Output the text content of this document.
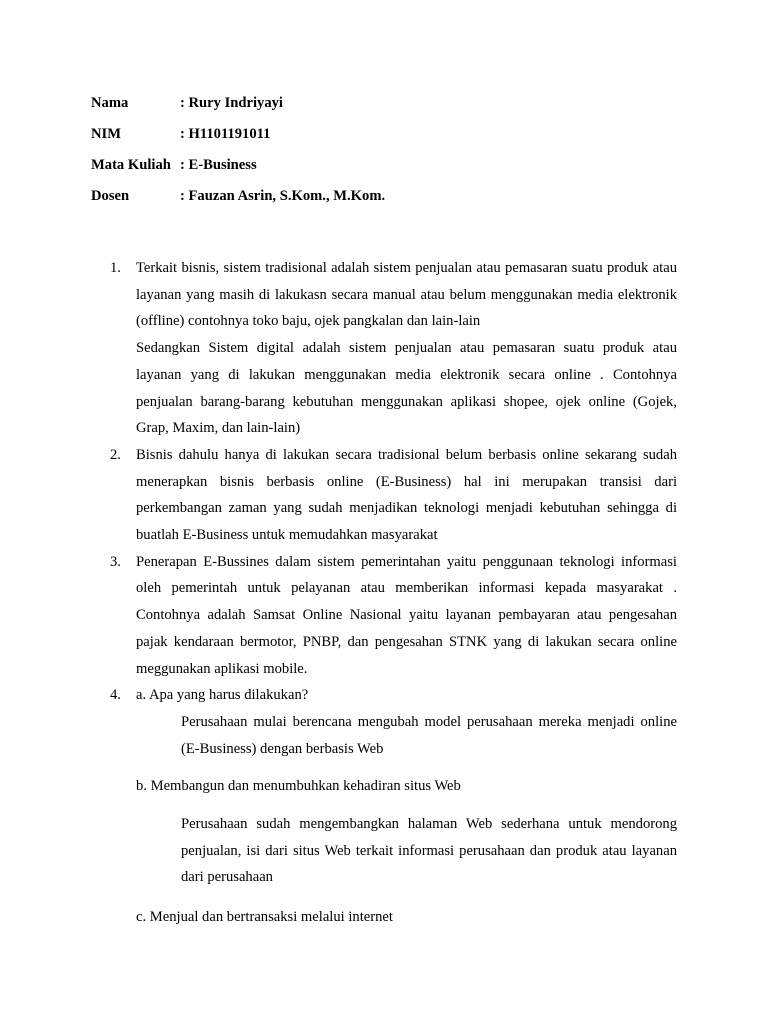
Nama	: Rury Indriyayi
NIM	: H1101191011
Mata Kuliah : E-Business
Dosen	: Fauzan Asrin, S.Kom., M.Kom.
1.	Terkait bisnis, sistem tradisional adalah sistem penjualan atau pemasaran suatu produk atau layanan yang masih di lakukasn secara manual atau belum menggunakan media elektronik (offline) contohnya toko baju, ojek pangkalan dan lain-lain

Sedangkan Sistem digital adalah sistem penjualan atau pemasaran suatu produk atau layanan yang di lakukan menggunakan media elektronik secara online . Contohnya penjualan barang-barang kebutuhan menggunakan aplikasi shopee, ojek online (Gojek, Grap, Maxim, dan lain-lain)

2.	Bisnis dahulu hanya di lakukan secara tradisional belum berbasis online sekarang sudah menerapkan bisnis berbasis online (E-Business) hal ini merupakan transisi dari perkembangan zaman yang sudah menjadikan teknologi menjadi kebutuhan sehingga di buatlah E-Business untuk memudahkan masyarakat

3.	Penerapan E-Bussines dalam sistem pemerintahan yaitu penggunaan teknologi informasi oleh pemerintah untuk pelayanan atau memberikan informasi kepada masyarakat . Contohnya adalah Samsat Online Nasional yaitu layanan pembayaran atau pengesahan pajak kendaraan bermotor, PNBP, dan pengesahan STNK yang di lakukan secara online meggunakan aplikasi mobile.

4.	a. Apa yang harus dilakukan?

Perusahaan mulai berencana mengubah model perusahaan mereka menjadi online (E-Business) dengan berbasis Web

b. Membangun dan menumbuhkan kehadiran situs Web

Perusahaan sudah mengembangkan halaman Web sederhana untuk mendorong penjualan, isi dari situs Web terkait informasi perusahaan dan produk atau layanan dari perusahaan

c. Menjual dan bertransaksi melalui internet
